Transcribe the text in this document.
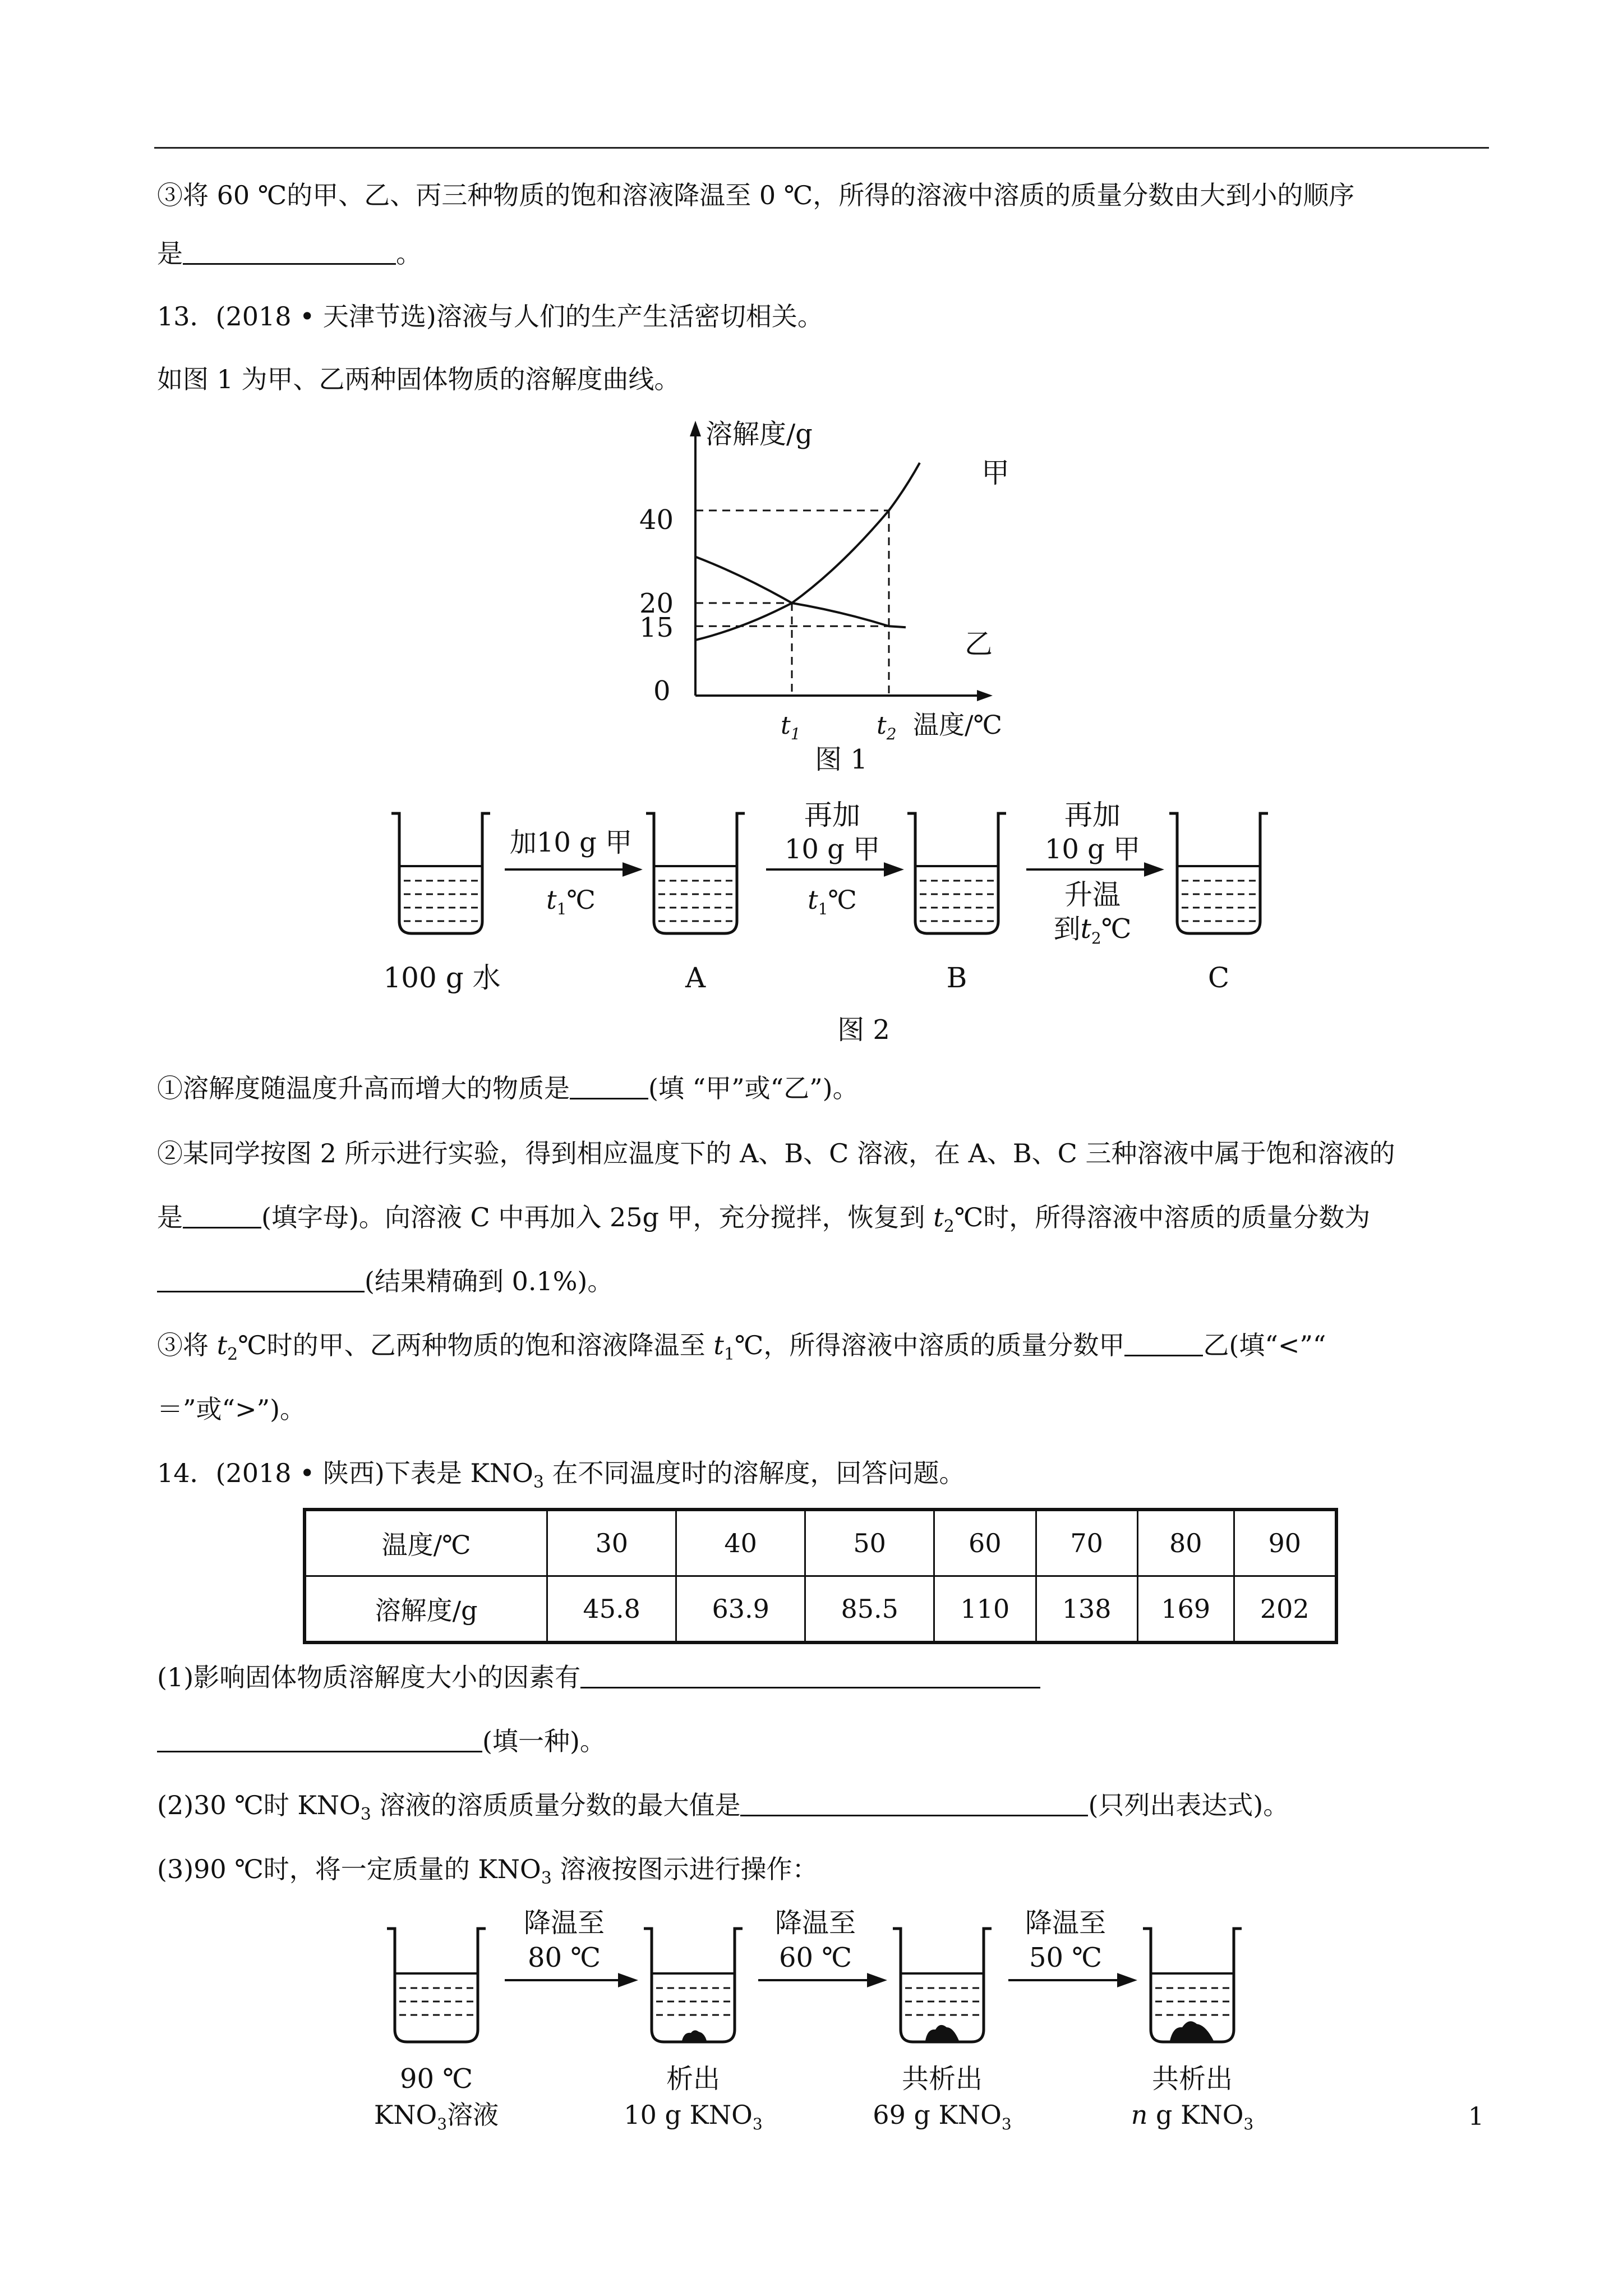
③将 60 ℃的甲、乙、丙三种物质的饱和溶液降温至 0 ℃，所得的溶液中溶质的质量分数由大到小的顺序
是	。
13．(2018 • 天津节选)溶液与人们的生产生活密切相关。
如图 1 为甲、乙两种固体物质的溶解度曲线。
溶解度/g
甲
乙
40
20
15
0
$t_1$	$t_2$ 温度/℃
图 1
加10 g 甲
$t_1℃$
再加
10 g 甲
$t_1℃$
再加
10 g 甲
升温
到$t_2℃$
100 g 水	A	B	C
图 2
①溶解度随温度升高而增大的物质是	(填 “甲”或“乙”)。
②某同学按图 2 所示进行实验，得到相应温度下的 A、B、C 溶液，在 A、B、C 三种溶液中属于饱和溶液的
是	(填字母)。向溶液 C 中再加入 25g 甲，充分搅拌，恢复到 $t_2℃$时，所得溶液中溶质的质量分数为
(结果精确到 0.1%)。
③将 $t_2℃$时的甲、乙两种物质的饱和溶液降温至 $t_1℃$，所得溶液中溶质的质量分数甲	乙(填“<”“
＝”或“>”)。
14．(2018 • 陕西)下表是 $KNO_3$ 在不同温度时的溶解度，回答问题。
温度/℃	30	40	50	60	70	80	90
溶解度/g	45.8	63.9	85.5	110	138	169	202
(1)影响固体物质溶解度大小的因素有
(填一种)。
(2)30 ℃时 $KNO_3$ 溶液的溶质质量分数的最大值是	(只列出表达式)。
(3)90 ℃时，将一定质量的 $KNO_3$ 溶液按图示进行操作：
降温至
80 ℃
降温至
60 ℃
降温至
50 ℃
90 ℃
$KNO_3$溶液
析出
10 g $KNO_3$
共析出
69 g $KNO_3$
共析出
n g $KNO_3$	1
